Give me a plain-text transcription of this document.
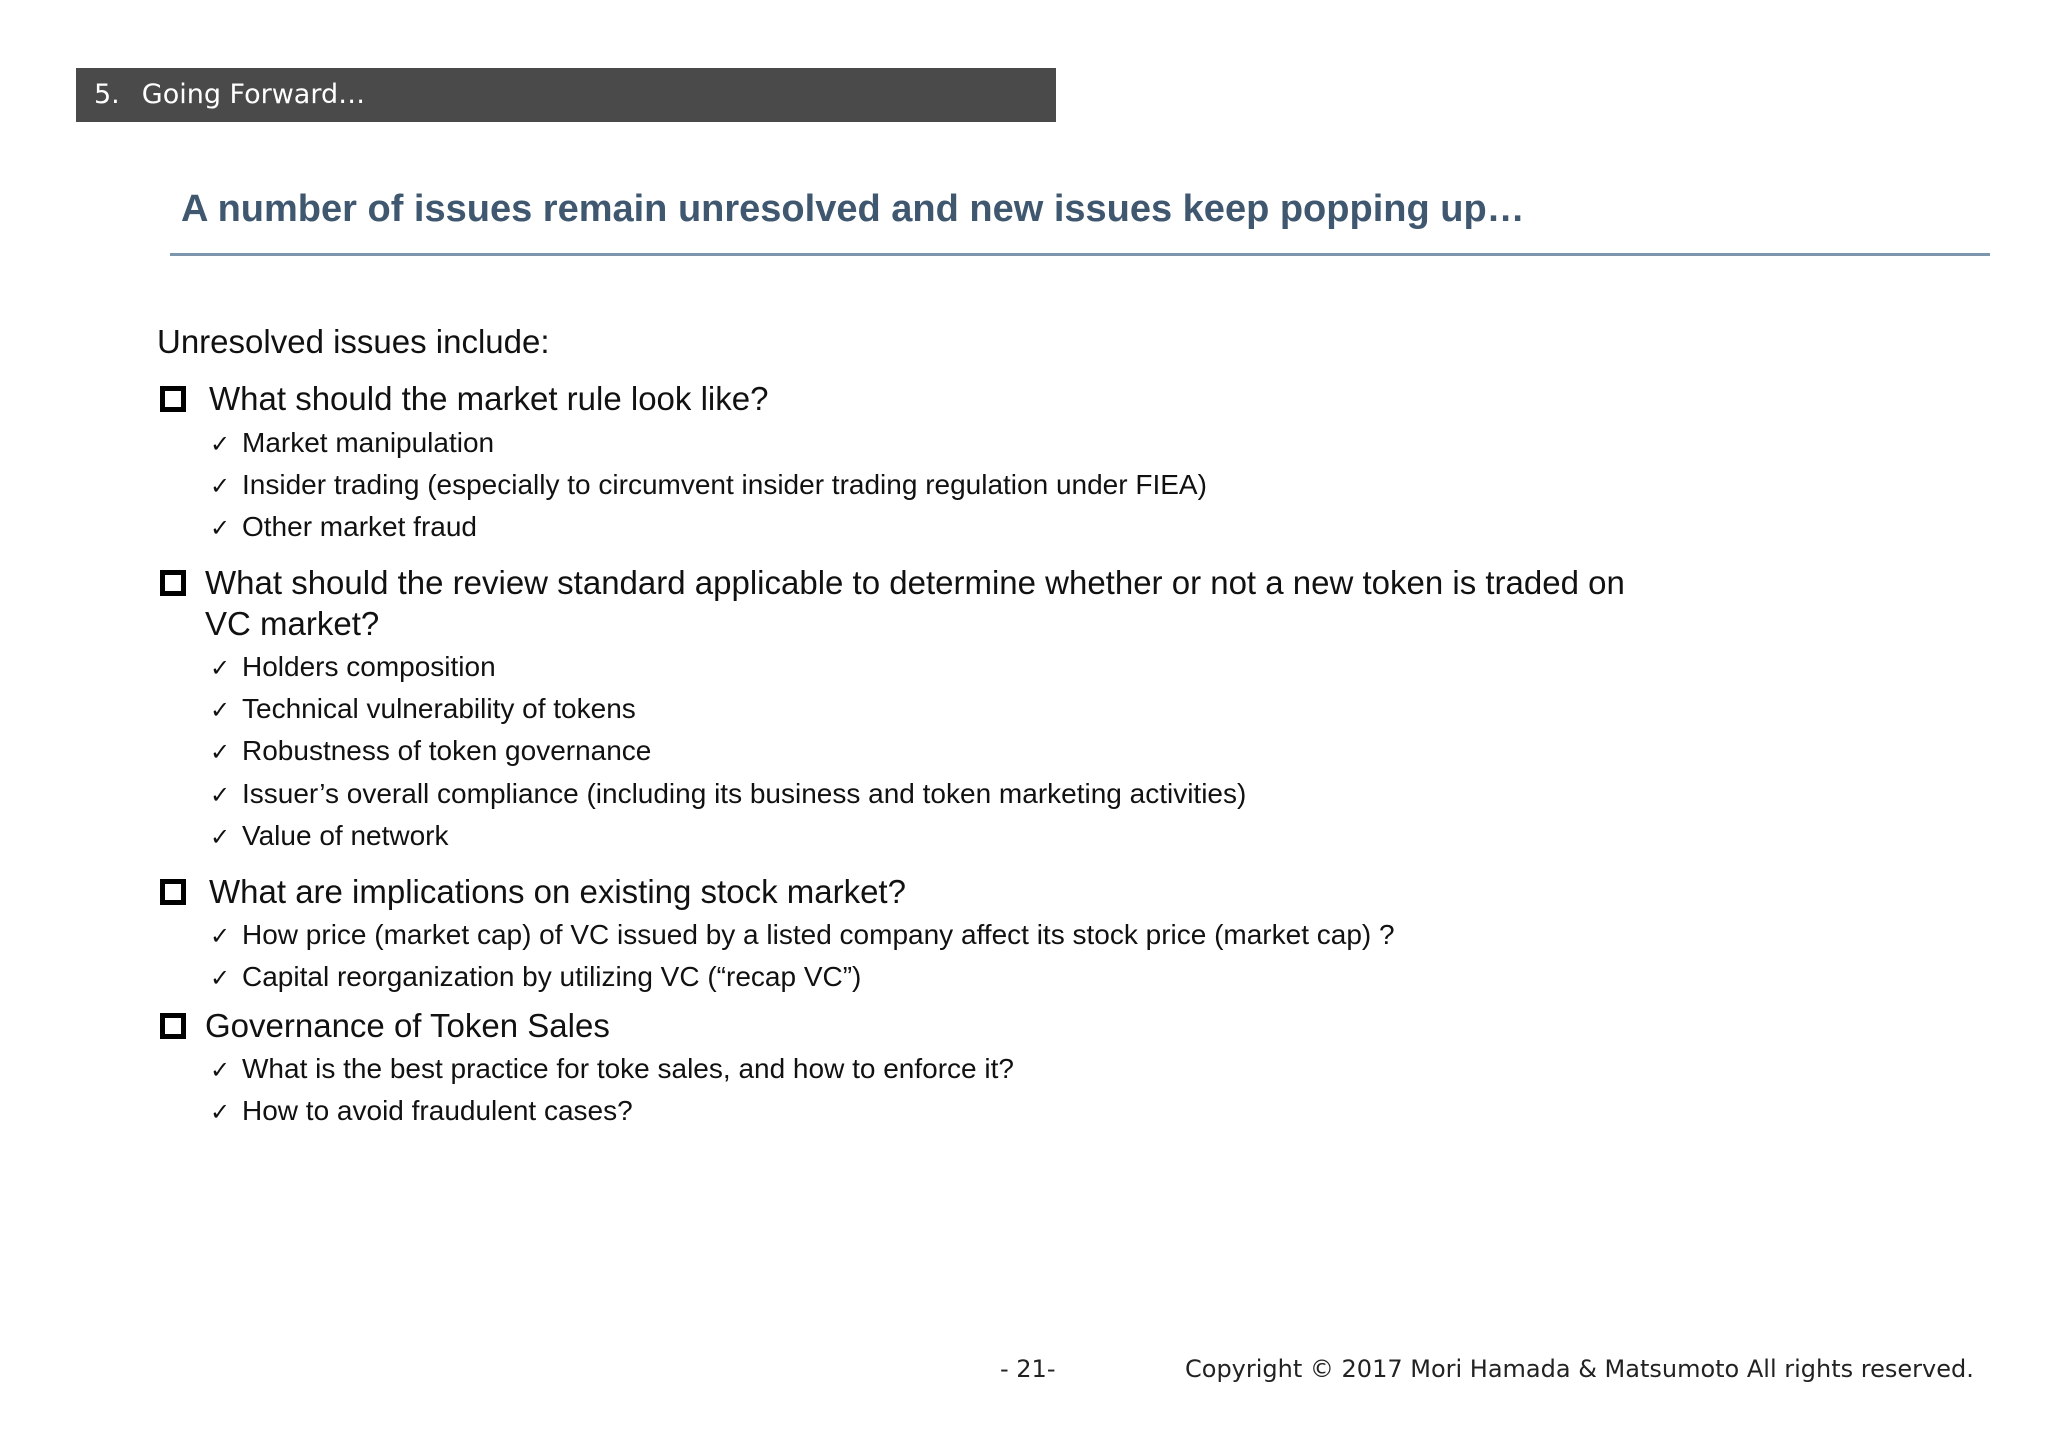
5. Going Forward…
A number of issues remain unresolved and new issues keep popping up…
Unresolved issues include:
What should the market rule look like?
✓ Market manipulation
✓ Insider trading (especially to circumvent insider trading regulation under FIEA)
✓ Other market fraud
What should the review standard applicable to determine whether or not a new token is traded on
VC market?
✓ Holders composition
✓ Technical vulnerability of tokens
✓ Robustness of token governance
✓ Issuer’s overall compliance (including its business and token marketing activities)
✓ Value of network
What are implications on existing stock market?
✓ How price (market cap) of VC issued by a listed company affect its stock price (market cap) ?
✓ Capital reorganization by utilizing VC (“recap VC”)
Governance of Token Sales
✓ What is the best practice for toke sales, and how to enforce it?
✓ How to avoid fraudulent cases?
- 21-	Copyright © 2017 Mori Hamada & Matsumoto All rights reserved.
